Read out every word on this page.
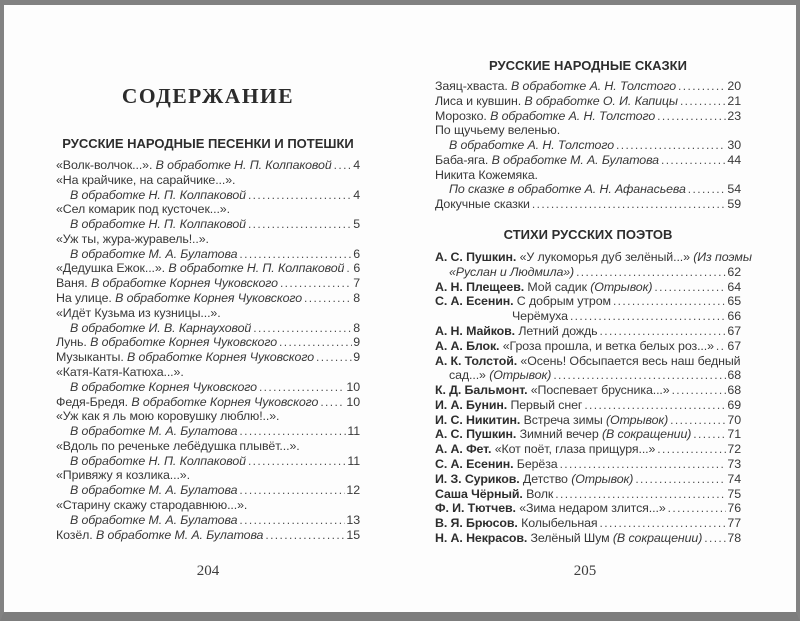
СОДЕРЖАНИЕ
РУССКИЕ НАРОДНЫЕ ПЕСЕНКИ И ПОТЕШКИ
«Волк-волчок...». В обработке Н. П. Колпаковой ..... 4
«На крайчике, на сарайчике...».
В обработке Н. П. Колпаковой .....	4
«Сел комарик под кусточек...».
В обработке Н. П. Колпаковой .....	5
«Уж ты, жура-журавель!..».
В обработке М. А. Булатова .....	6
«Дедушка Ежок...». В обработке Н. П. Колпаковой ..... 6
Ваня. В обработке Корнея Чуковского .....	7
На улице. В обработке Корнея Чуковского .....	8
«Идёт Кузьма из кузницы...».
В обработке И. В. Карнауховой .....	8
Лунь. В обработке Корнея Чуковского .....	9
Музыканты. В обработке Корнея Чуковского .....	9
«Катя-Катя-Катюха...».
В обработке Корнея Чуковского .....	10
Федя-Бредя. В обработке Корнея Чуковского ..... 10
«Уж как я ль мою коровушку люблю!..».
В обработке М. А. Булатова .....	11
«Вдоль по реченьке лебёдушка плывёт...».
В обработке Н. П. Колпаковой .....	11
«Привяжу я козлика...».
В обработке М. А. Булатова .....	12
«Старину скажу стародавнюю...».
В обработке М. А. Булатова .....	13
Козёл. В обработке М. А. Булатова .....	15
РУССКИЕ НАРОДНЫЕ СКАЗКИ
Заяц-хваста. В обработке А. Н. Толстого .....	20
Лиса и кувшин. В обработке О. И. Капицы .....	21
Морозко. В обработке А. Н. Толстого .....	23
По щучьему веленью.
В обработке А. Н. Толстого .....	30
Баба-яга. В обработке М. А. Булатова .....	44
Никита Кожемяка.
По сказке в обработке А. Н. Афанасьева .....	54
Докучные сказки .....	59
СТИХИ РУССКИХ ПОЭТОВ
А. С. Пушкин. «У лукоморья дуб зелёный...» (Из поэмы
«Руслан и Людмила») .....	62
А. Н. Плещеев. Мой садик (Отрывок) .....	64
С. А. Есенин. С добрым утром .....	65
Черёмуха .....	66
А. Н. Майков. Летний дождь .....	67
А. А. Блок. «Гроза прошла, и ветка белых роз...» ..... 67
А. К. Толстой. «Осень! Обсыпается весь наш бедный
сад...» (Отрывок) .....	68
К. Д. Бальмонт. «Поспевает брусника...» .....	68
И. А. Бунин. Первый снег .....	69
И. С. Никитин. Встреча зимы (Отрывок) .....	70
А. С. Пушкин. Зимний вечер (В сокращении) .....	71
А. А. Фет. «Кот поёт, глаза прищуря...» .....	72
С. А. Есенин. Берёза .....	73
И. З. Суриков. Детство (Отрывок) .....	74
Саша Чёрный. Волк .....	75
Ф. И. Тютчев. «Зима недаром злится...» .....	76
В. Я. Брюсов. Колыбельная .....	77
Н. А. Некрасов. Зелёный Шум (В сокращении) ..... 78
204	205
